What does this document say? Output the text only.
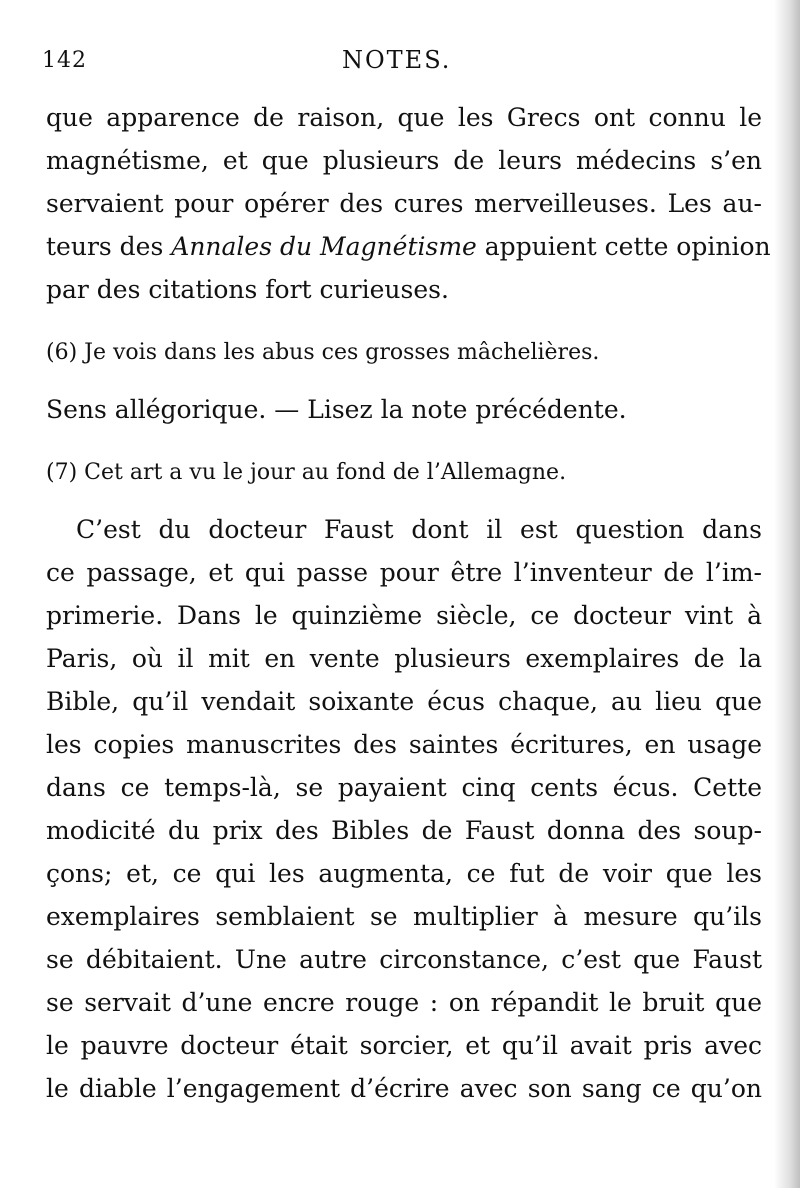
142	NOTES.
que apparence de raison, que les Grecs ont connu le
magnétisme, et que plusieurs de leurs médecins s’en
servaient pour opérer des cures merveilleuses. Les au-
teurs des Annales du Magnétisme appuient cette opinion
par des citations fort curieuses.
(6) Je vois dans les abus ces grosses mâchelières.
Sens allégorique. — Lisez la note précédente.
(7) Cet art a vu le jour au fond de l’Allemagne.
C’est du docteur Faust dont il est question dans
ce passage, et qui passe pour être l’inventeur de l’im-
primerie. Dans le quinzième siècle, ce docteur vint à
Paris, où il mit en vente plusieurs exemplaires de la
Bible, qu’il vendait soixante écus chaque, au lieu que
les copies manuscrites des saintes écritures, en usage
dans ce temps-là, se payaient cinq cents écus. Cette
modicité du prix des Bibles de Faust donna des soup-
çons; et, ce qui les augmenta, ce fut de voir que les
exemplaires semblaient se multiplier à mesure qu’ils
se débitaient. Une autre circonstance, c’est que Faust
se servait d’une encre rouge : on répandit le bruit que
le pauvre docteur était sorcier, et qu’il avait pris avec
le diable l’engagement d’écrire avec son sang ce qu’on
